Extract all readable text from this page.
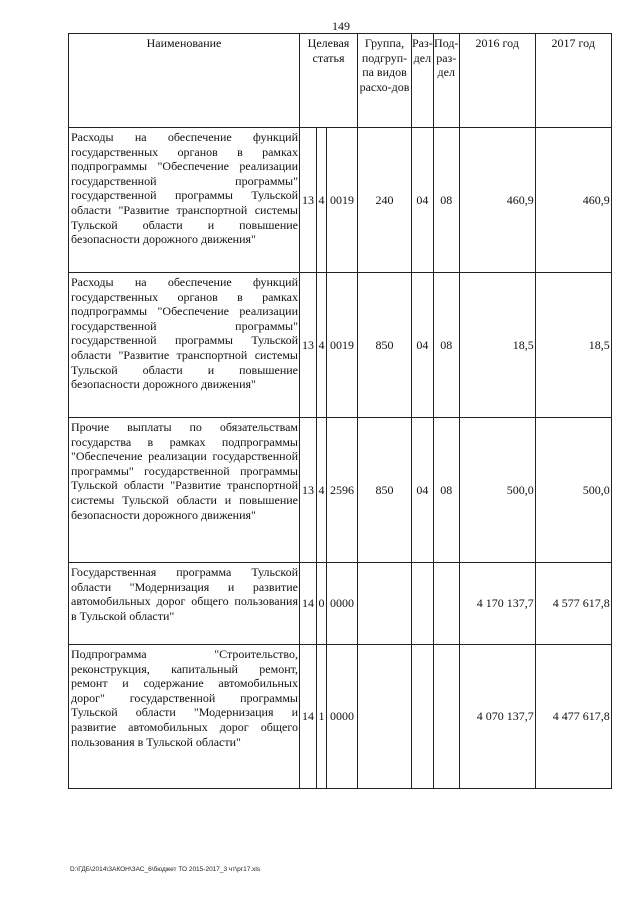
149
Наименование	Целевая статья			Группа, подгруп-па видов расхо-дов	Раз-дел	Под-раз-дел	2016 год	2017 год
Расходы на обеспечение функций государственных органов в рамках подпрограммы "Обеспечение реализации государственной программы" государственной программы Тульской области "Развитие транспортной системы Тульской области и повышение безопасности дорожного движения"	13	4	0019	240	04	08	460,9	460,9
Расходы на обеспечение функций государственных органов в рамках подпрограммы "Обеспечение реализации государственной программы" государственной программы Тульской области "Развитие транспортной системы Тульской области и повышение безопасности дорожного движения"	13	4	0019	850	04	08	18,5	18,5
Прочие выплаты по обязательствам государства в рамках подпрограммы "Обеспечение реализации государственной программы" государственной программы Тульской области "Развитие транспортной системы Тульской области и повышение безопасности дорожного движения"	13	4	2596	850	04	08	500,0	500,0
Государственная программа Тульской области "Модернизация и развитие автомобильных дорог общего пользования в Тульской области"	14	0	0000				4 170 137,7	4 577 617,8
Подпрограмма "Строительство, реконструкция, капитальный ремонт, ремонт и содержание автомобильных дорог" государственной программы Тульской области "Модернизация и развитие автомобильных дорог общего пользования в Тульской области"	14	1	0000				4 070 137,7	4 477 617,8
D:\ГДБ\2014\ЗАКОН\ЗАС_6\бюджет ТО 2015-2017_3 чт\рг17.xls
